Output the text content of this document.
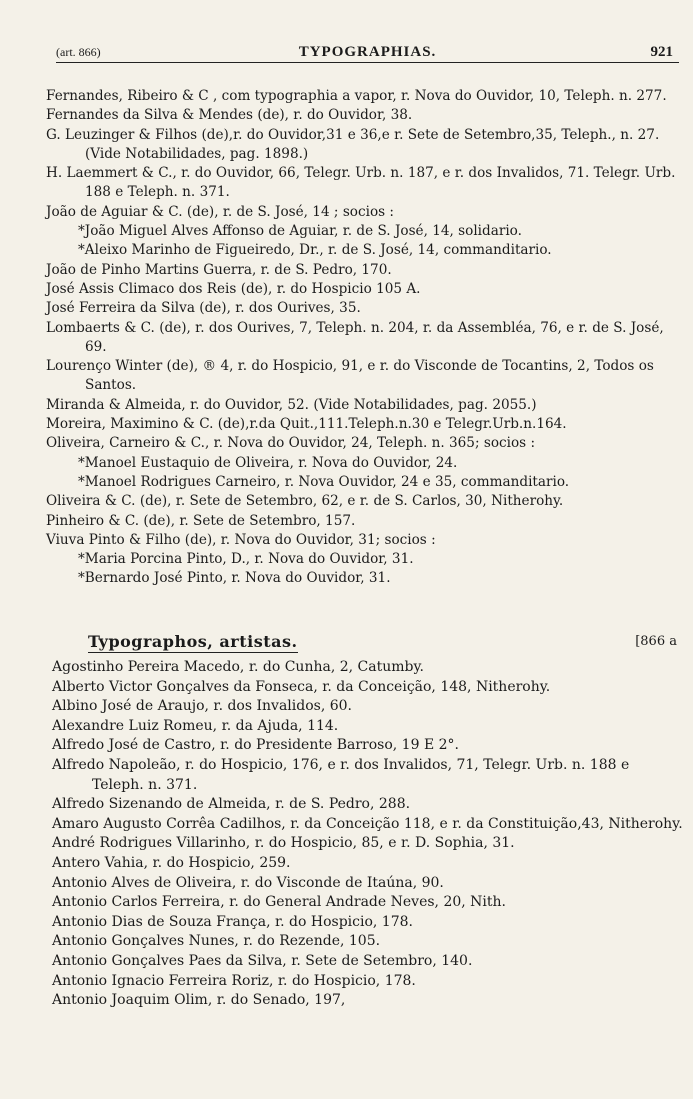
(art. 866)	TYPOGRAPHIAS.	921
Fernandes, Ribeiro & C , com typographia a vapor, r. Nova do Ouvidor, 10, Teleph. n. 277.
Fernandes da Silva & Mendes (de), r. do Ouvidor, 38.
G. Leuzinger & Filhos (de),r. do Ouvidor,31 e 36,e r. Sete de Setembro,35, Teleph., n. 27. (Vide Notabilidades, pag. 1898.)
H. Laemmert & C., r. do Ouvidor, 66, Telegr. Urb. n. 187, e r. dos Invalidos, 71. Telegr. Urb. 188 e Teleph. n. 371.
João de Aguiar & C. (de), r. de S. José, 14 ; socios :
*João Miguel Alves Affonso de Aguiar, r. de S. José, 14, solidario.
*Aleixo Marinho de Figueiredo, Dr., r. de S. José, 14, commanditario.
João de Pinho Martins Guerra, r. de S. Pedro, 170.
José Assis Climaco dos Reis (de), r. do Hospicio 105 A.
José Ferreira da Silva (de), r. dos Ourives, 35.
Lombaerts & C. (de), r. dos Ourives, 7, Teleph. n. 204, r. da Assembléa, 76, e r. de S. José, 69.
Lourenço Winter (de), ® 4, r. do Hospicio, 91, e r. do Visconde de Tocantins, 2, Todos os Santos.
Miranda & Almeida, r. do Ouvidor, 52. (Vide Notabilidades, pag. 2055.)
Moreira, Maximino & C. (de),r.da Quit.,111.Teleph.n.30 e Telegr.Urb.n.164.
Oliveira, Carneiro & C., r. Nova do Ouvidor, 24, Teleph. n. 365; socios :
*Manoel Eustaquio de Oliveira, r. Nova do Ouvidor, 24.
*Manoel Rodrigues Carneiro, r. Nova Ouvidor, 24 e 35, commanditario.
Oliveira & C. (de), r. Sete de Setembro, 62, e r. de S. Carlos, 30, Nitherohy.
Pinheiro & C. (de), r. Sete de Setembro, 157.
Viuva Pinto & Filho (de), r. Nova do Ouvidor, 31; socios :
*Maria Porcina Pinto, D., r. Nova do Ouvidor, 31.
*Bernardo José Pinto, r. Nova do Ouvidor, 31.
Typographos, artistas.	[866 a
Agostinho Pereira Macedo, r. do Cunha, 2, Catumby.
Alberto Victor Gonçalves da Fonseca, r. da Conceição, 148, Nitherohy.
Albino José de Araujo, r. dos Invalidos, 60.
Alexandre Luiz Romeu, r. da Ajuda, 114.
Alfredo José de Castro, r. do Presidente Barroso, 19 E 2°.
Alfredo Napoleão, r. do Hospicio, 176, e r. dos Invalidos, 71, Telegr. Urb. n. 188 e Teleph. n. 371.
Alfredo Sizenando de Almeida, r. de S. Pedro, 288.
Amaro Augusto Corrêa Cadilhos, r. da Conceição 118, e r. da Constituição,43, Nitherohy.
André Rodrigues Villarinho, r. do Hospicio, 85, e r. D. Sophia, 31.
Antero Vahia, r. do Hospicio, 259.
Antonio Alves de Oliveira, r. do Visconde de Itaúna, 90.
Antonio Carlos Ferreira, r. do General Andrade Neves, 20, Nith.
Antonio Dias de Souza França, r. do Hospicio, 178.
Antonio Gonçalves Nunes, r. do Rezende, 105.
Antonio Gonçalves Paes da Silva, r. Sete de Setembro, 140.
Antonio Ignacio Ferreira Roriz, r. do Hospicio, 178.
Antonio Joaquim Olim, r. do Senado, 197,
